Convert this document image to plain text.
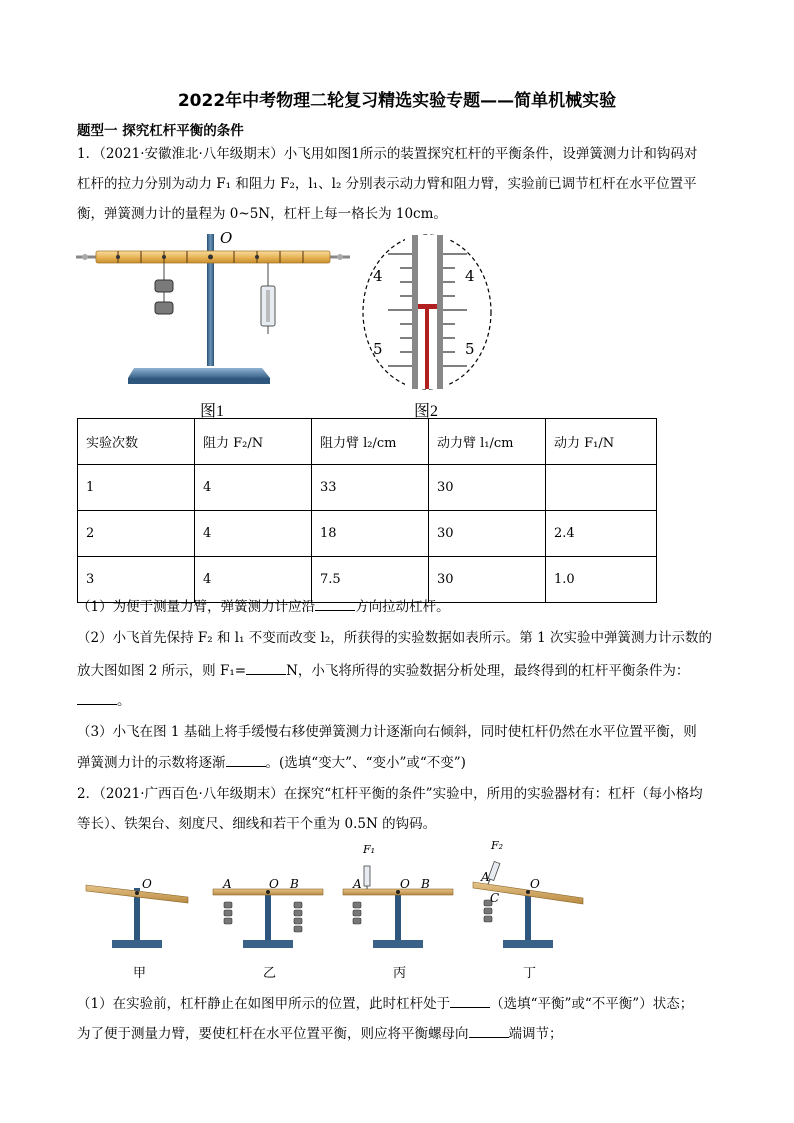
2022年中考物理二轮复习精选实验专题——简单机械实验
题型一 探究杠杆平衡的条件
1．（2021·安徽淮北·八年级期末）小飞用如图1所示的装置探究杠杆的平衡条件，设弹簧测力计和钩码对
杠杆的拉力分别为动力 F₁ 和阻力 F₂，l₁、l₂ 分别表示动力臂和阻力臂，实验前已调节杠杆在水平位置平
衡，弹簧测力计的量程为 0~5N，杠杆上每一格长为 10cm。
O
图1
4	4
5	5
图2
实验次数	阻力 F₂/N	阻力臂 l₂/cm	动力臂 l₁/cm	动力 F₁/N
1	4	33	30	
2	4	18	30	2.4
3	4	7.5	30	1.0
（1）为便于测量力臂，弹簧测力计应沿	方向拉动杠杆。
（2）小飞首先保持 F₂ 和 l₁ 不变而改变 l₂，所获得的实验数据如表所示。第 1 次实验中弹簧测力计示数的
放大图如图 2 所示，则 F₁=	N，小飞将所得的实验数据分析处理，最终得到的杠杆平衡条件为：
。
（3）小飞在图 1 基础上将手缓慢右移使弹簧测力计逐渐向右倾斜，同时使杠杆仍然在水平位置平衡，则
弹簧测力计的示数将逐渐	。(选填“变大”、“变小”或“不变”)
2．（2021·广西百色·八年级期末）在探究“杠杆平衡的条件”实验中，所用的实验器材有：杠杆（每小格均
等长）、铁架台、刻度尺、细线和若干个重为 0.5N 的钩码。
O	A	O B
F₁
A	O B
F₂
A
C
O
甲	乙	丙	丁
（1）在实验前，杠杆静止在如图甲所示的位置，此时杠杆处于	（选填“平衡”或“不平衡”）状态；
为了便于测量力臂，要使杠杆在水平位置平衡，则应将平衡螺母向	端调节；
